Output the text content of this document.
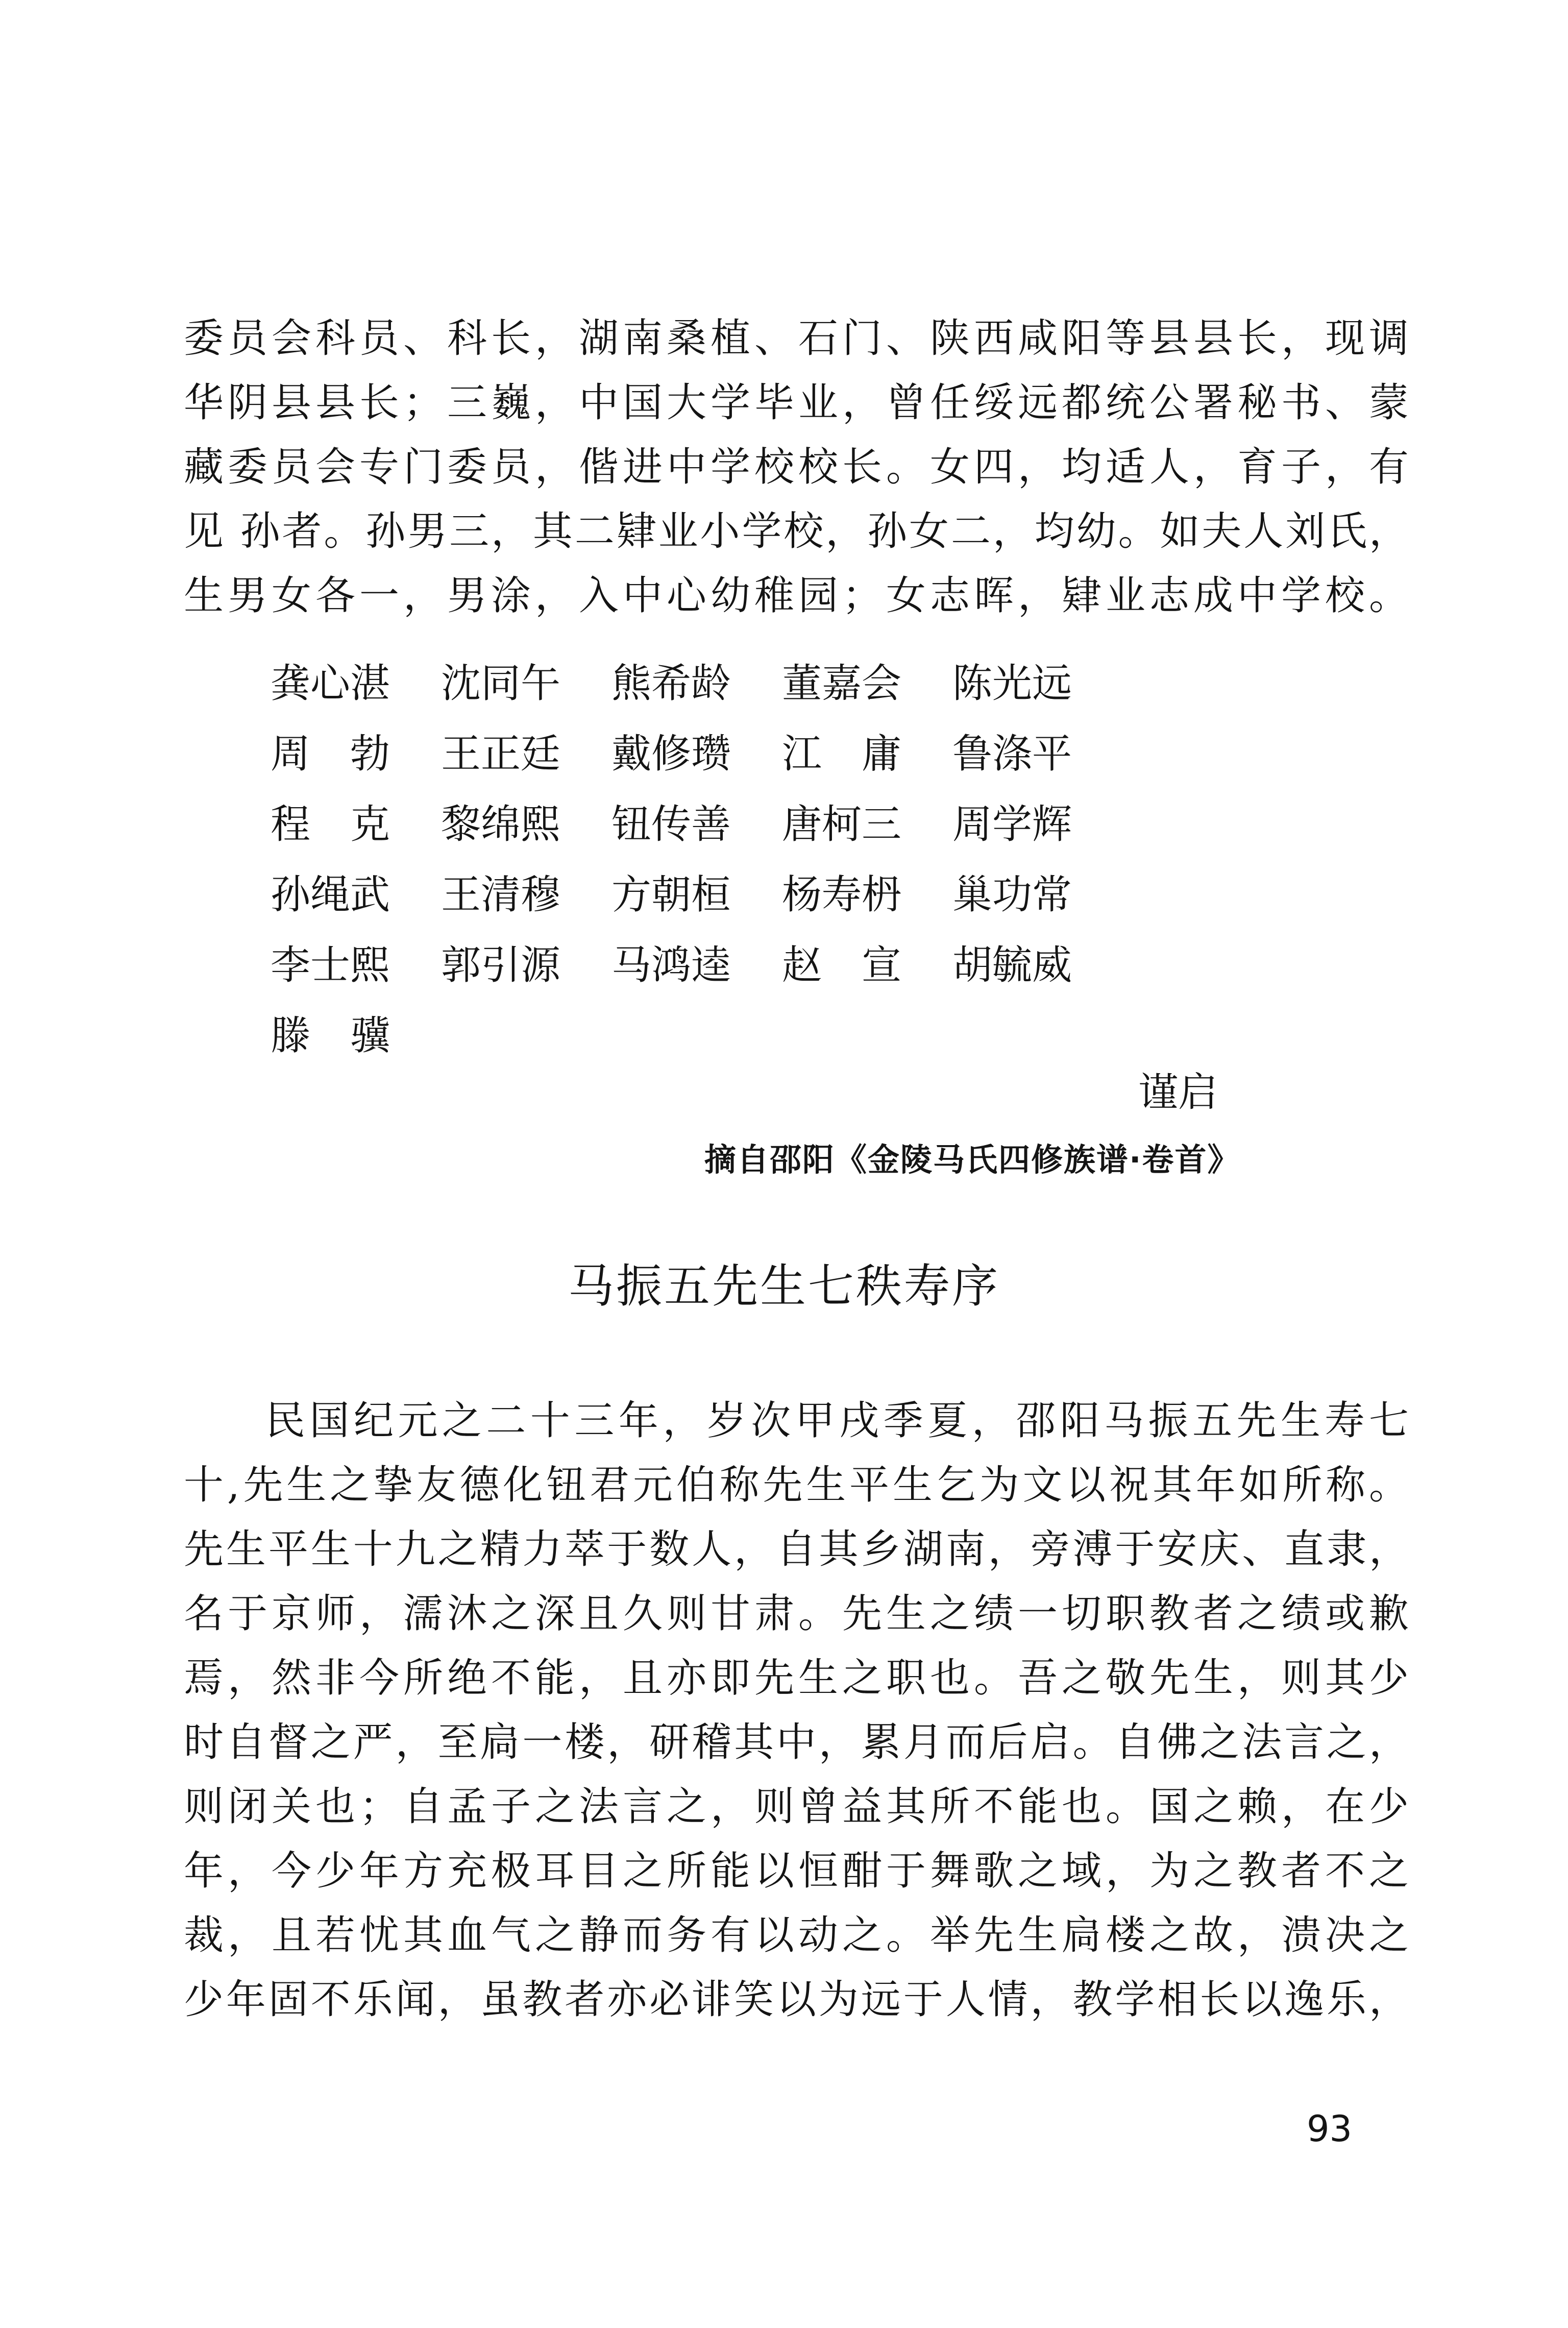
委员会科员、科长，湖南桑植、石门、陕西咸阳等县县长，现调
华阴县县长；三巍，中国大学毕业，曾任绥远都统公署秘书、蒙
藏委员会专门委员，偕进中学校校长。女四，均适人，育子，有
见 孙者。孙男三，其二肄业小学校，孙女二，均幼。如夫人刘氏，
生男女各一，男涂，入中心幼稚园；女志晖，肄业志成中学校。
龚心湛	沈同午	熊希龄	董嘉会	陈光远
周　勃	王正廷	戴修瓒	江　庸	鲁涤平
程　克	黎绵熙	钮传善	唐柯三	周学辉
孙绳武	王清穆	方朝桓	杨寿枬	巢功常
李士熙	郭引源	马鸿逵	赵　宣	胡毓威
滕　骥
谨启
摘自邵阳《金陵马氏四修族谱·卷首》
马振五先生七秩寿序
民国纪元之二十三年，岁次甲戌季夏，邵阳马振五先生寿七
十,先生之挚友德化钮君元伯称先生平生乞为文以祝其年如所称。
先生平生十九之精力萃于数人，自其乡湖南，旁溥于安庆、直隶，
名于京师，濡沐之深且久则甘肃。先生之绩一切职教者之绩或歉
焉，然非今所绝不能，且亦即先生之职也。吾之敬先生，则其少
时自督之严，至扃一楼，研稽其中，累月而后启。自佛之法言之，
则闭关也；自孟子之法言之，则曾益其所不能也。国之赖，在少
年，今少年方充极耳目之所能以恒酣于舞歌之域，为之教者不之
裁，且若忧其血气之静而务有以动之。举先生扃楼之故，溃决之
少年固不乐闻，虽教者亦必诽笑以为远于人情，教学相长以逸乐，
93
